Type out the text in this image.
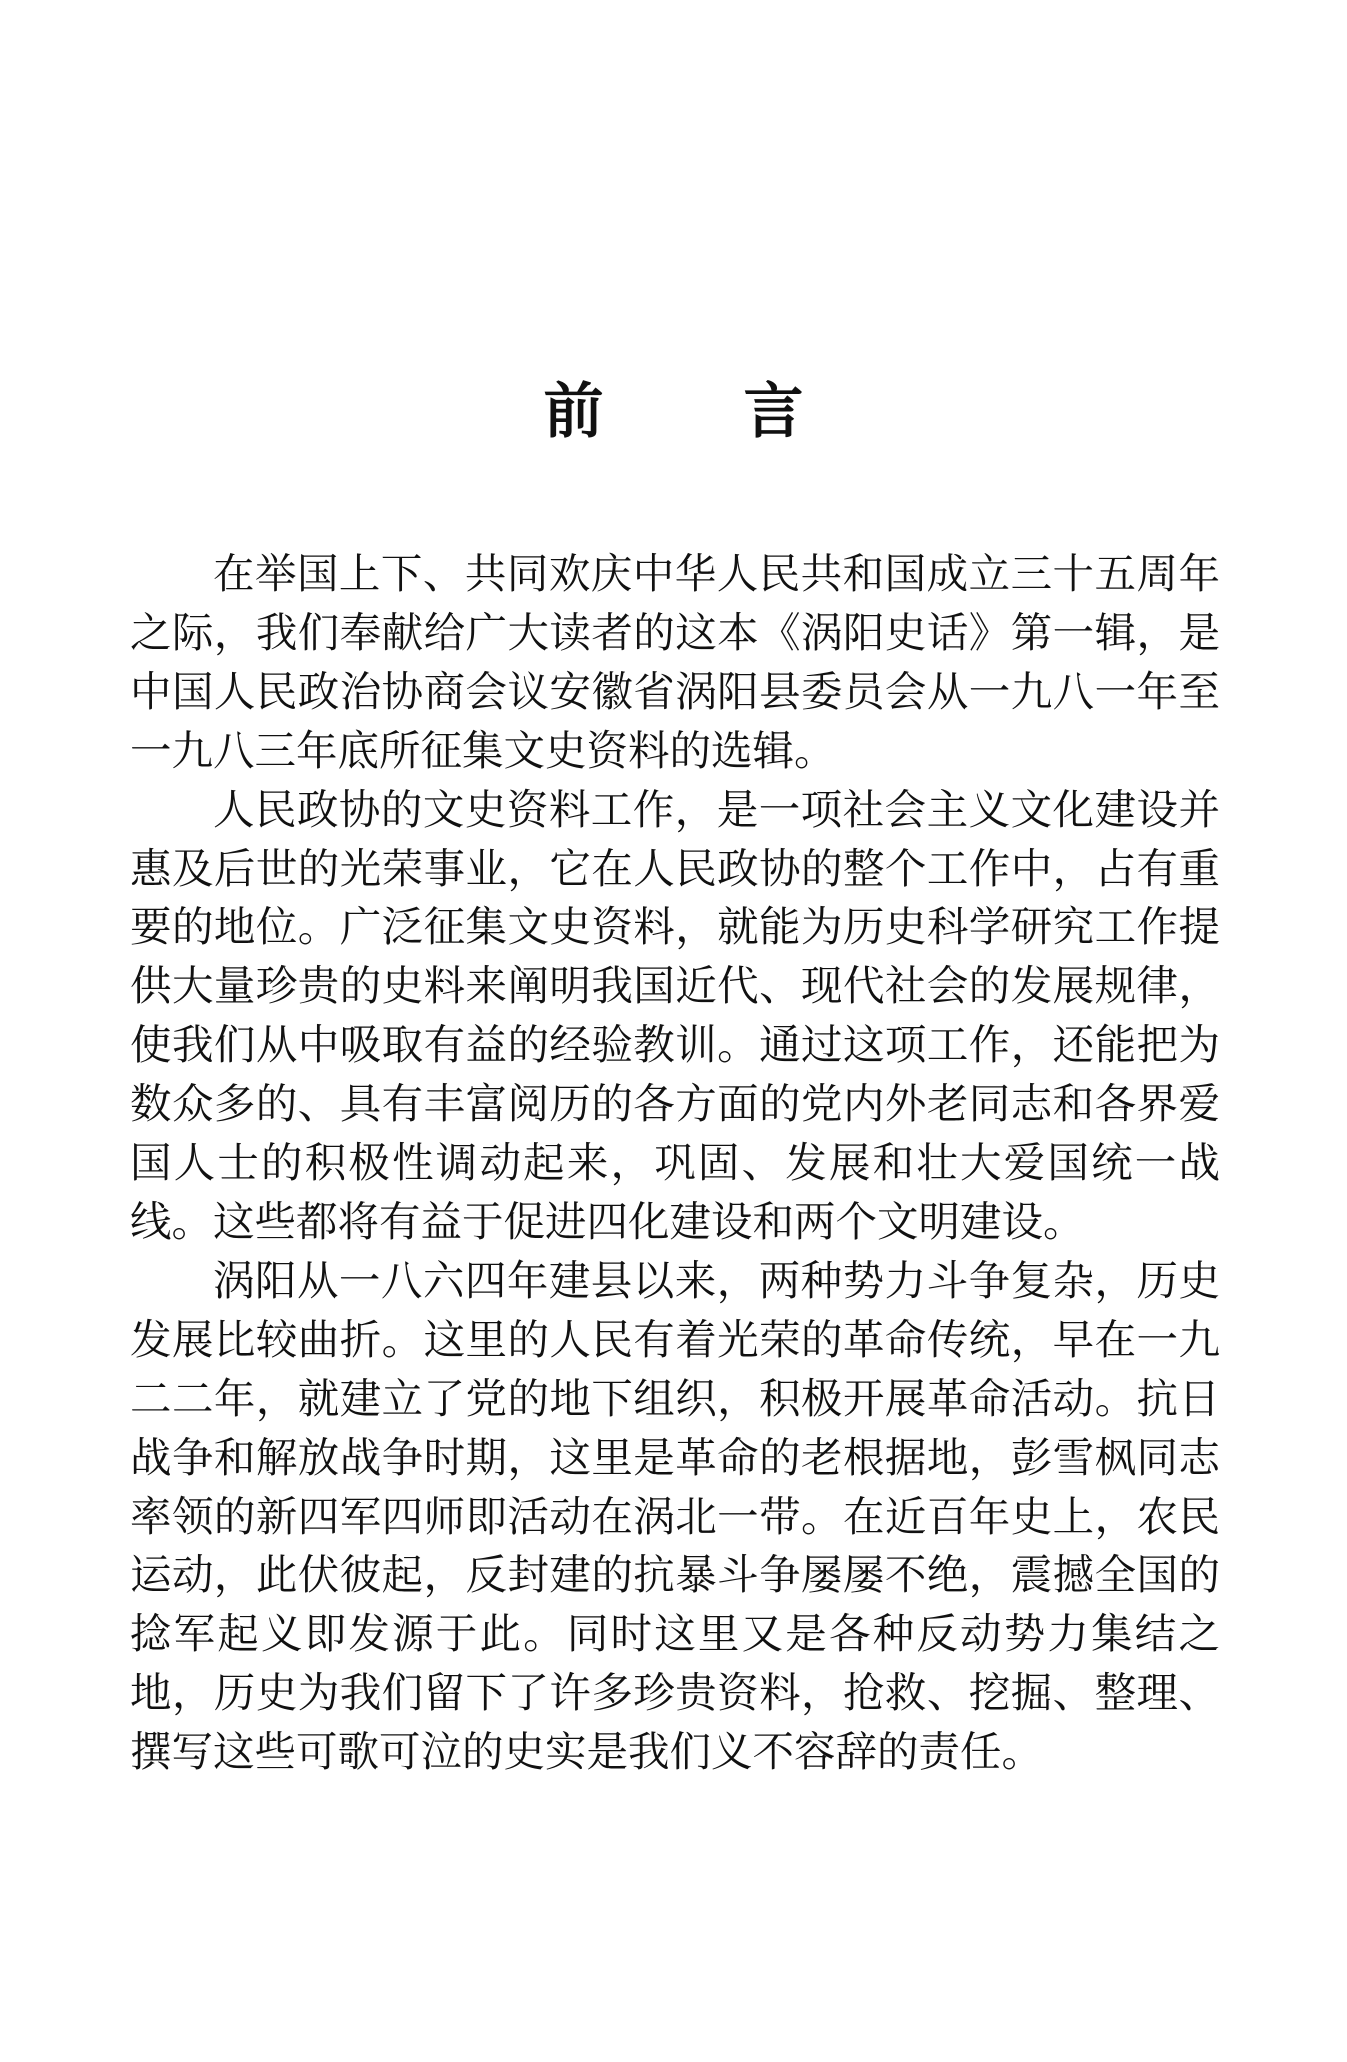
前 言

在举国上下、共同欢庆中华人民共和国成立三十五周年之际，我们奉献给广大读者的这本《涡阳史话》第一辑，是中国人民政治协商会议安徽省涡阳县委员会从一九八一年至一九八三年底所征集文史资料的选辑。

人民政协的文史资料工作，是一项社会主义文化建设并惠及后世的光荣事业，它在人民政协的整个工作中，占有重要的地位。广泛征集文史资料，就能为历史科学研究工作提供大量珍贵的史料来阐明我国近代、现代社会的发展规律，使我们从中吸取有益的经验教训。通过这项工作，还能把为数众多的、具有丰富阅历的各方面的党内外老同志和各界爱国人士的积极性调动起来，巩固、发展和壮大爱国统一战线。这些都将有益于促进四化建设和两个文明建设。

涡阳从一八六四年建县以来，两种势力斗争复杂，历史发展比较曲折。这里的人民有着光荣的革命传统，早在一九二二年，就建立了党的地下组织，积极开展革命活动。抗日战争和解放战争时期，这里是革命的老根据地，彭雪枫同志率领的新四军四师即活动在涡北一带。在近百年史上，农民运动，此伏彼起，反封建的抗暴斗争屡屡不绝，震撼全国的捻军起义即发源于此。同时这里又是各种反动势力集结之地，历史为我们留下了许多珍贵资料，抢救、挖掘、整理、撰写这些可歌可泣的史实是我们义不容辞的责任。
